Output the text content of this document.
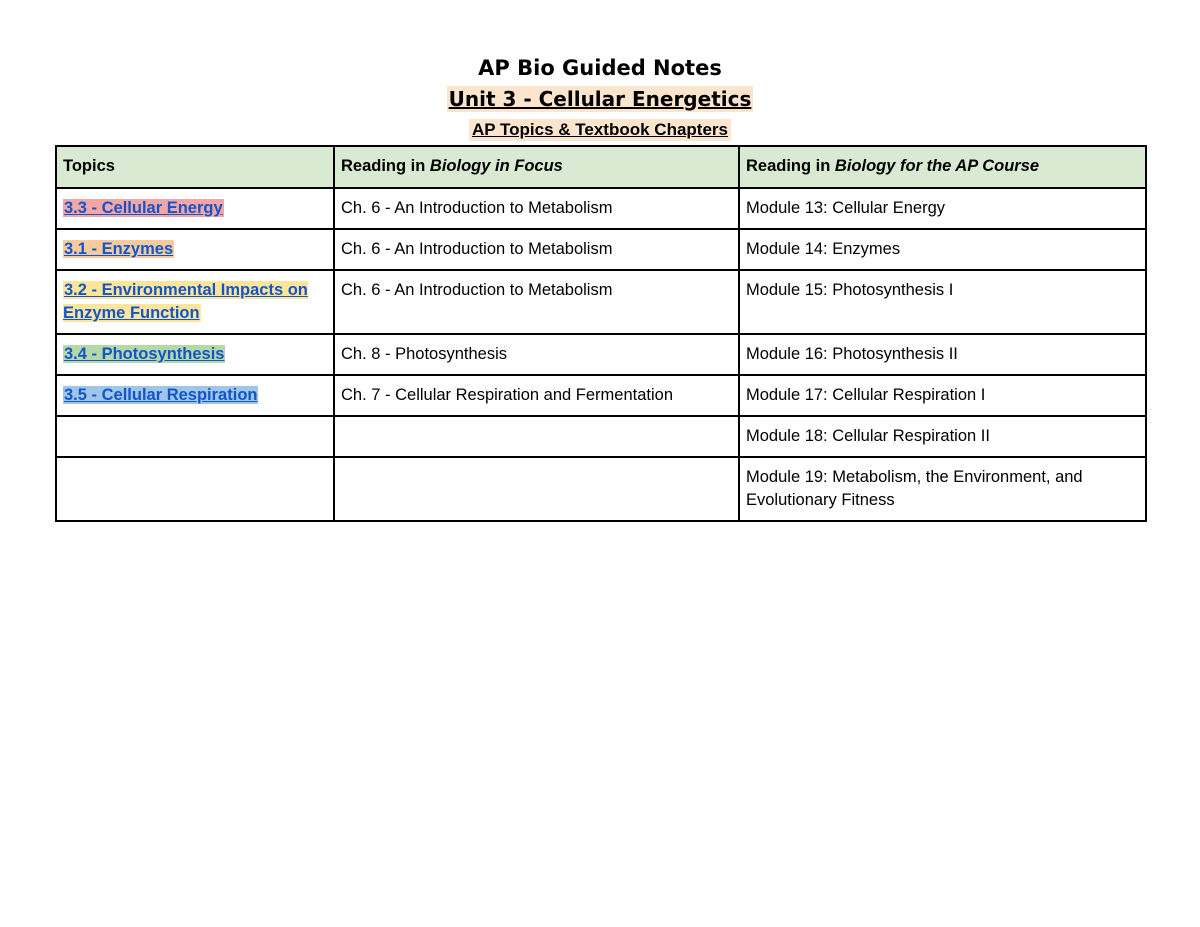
AP Bio Guided Notes
Unit 3 - Cellular Energetics
AP Topics & Textbook Chapters
Topics	Reading in Biology in Focus	Reading in Biology for the AP Course
3.3 - Cellular Energy	Ch. 6 - An Introduction to Metabolism	Module 13: Cellular Energy
3.1 - Enzymes	Ch. 6 - An Introduction to Metabolism	Module 14: Enzymes
3.2 - Environmental Impacts on Enzyme Function	Ch. 6 - An Introduction to Metabolism	Module 15: Photosynthesis I
3.4 - Photosynthesis	Ch. 8 - Photosynthesis	Module 16: Photosynthesis II
3.5 - Cellular Respiration	Ch. 7 - Cellular Respiration and Fermentation	Module 17: Cellular Respiration I
		Module 18: Cellular Respiration II
		Module 19: Metabolism, the Environment, and Evolutionary Fitness
